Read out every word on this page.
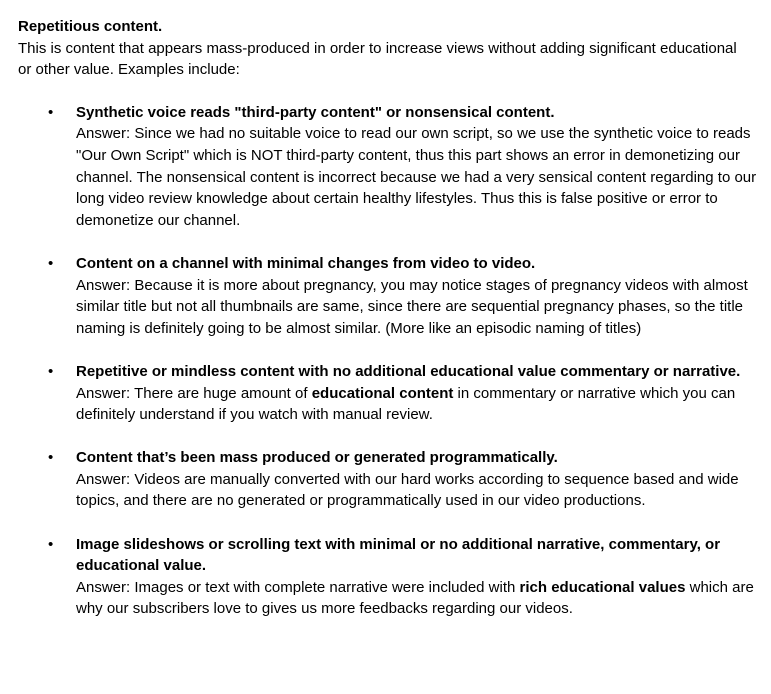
Repetitious content.

This is content that appears mass-produced in order to increase views without adding significant educational or other value. Examples include:

• Synthetic voice reads "third-party content" or nonsensical content.
Answer: Since we had no suitable voice to read our own script, so we use the synthetic voice to reads "Our Own Script" which is NOT third-party content, thus this part shows an error in demonetizing our channel. The nonsensical content is incorrect because we had a very sensical content regarding to our long video review knowledge about certain healthy lifestyles. Thus this is false positive or error to demonetize our channel.
• Content on a channel with minimal changes from video to video.
Answer: Because it is more about pregnancy, you may notice stages of pregnancy videos with almost similar title but not all thumbnails are same, since there are sequential pregnancy phases, so the title naming is definitely going to be almost similar. (More like an episodic naming of titles)
• Repetitive or mindless content with no additional educational value commentary or narrative.
Answer: There are huge amount of educational content in commentary or narrative which you can definitely understand if you watch with manual review.
• Content that’s been mass produced or generated programmatically.
Answer: Videos are manually converted with our hard works according to sequence based and wide topics, and there are no generated or programmatically used in our video productions.
• Image slideshows or scrolling text with minimal or no additional narrative, commentary, or educational value.
Answer: Images or text with complete narrative were included with rich educational values which are why our subscribers love to gives us more feedbacks regarding our videos.
